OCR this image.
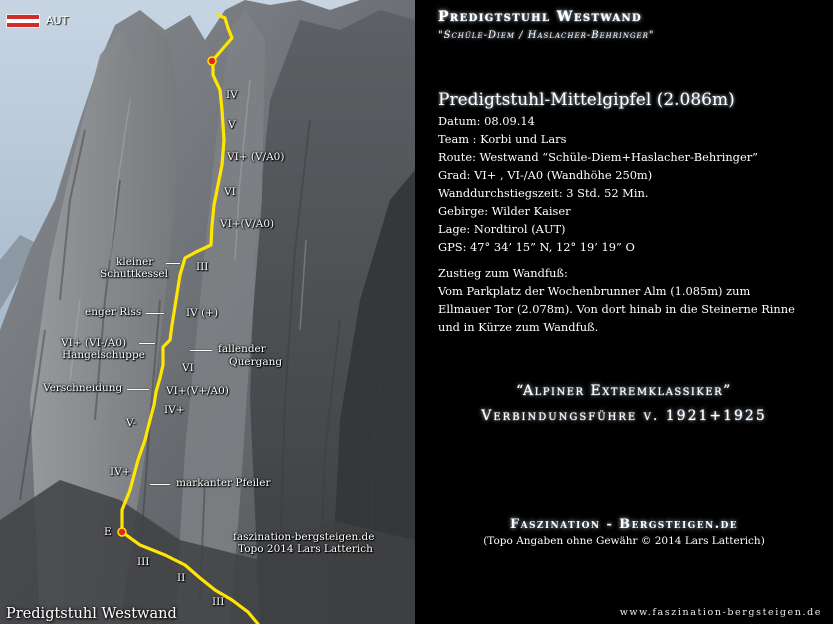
AUT
IV
V
VI+ (V/A0)
VI
VI+(V/A0)
III
IV (+)
VI
VI+(V+/A0)
IV+
V-
IV+
III
II
III
kleiner
Schuttkessel
enger Riss
fallender
Quergang
VI+ (VI-/A0)
Hangelschuppe
Verschneidung
markanter Pfeiler
E	faszination-bergsteigen.de
Topo 2014 Lars Latterich
Predigtstuhl Westwand
Predigtstuhl Westwand
"Schüle-Diem / Haslacher-Behringer"
Predigtstuhl-Mittelgipfel (2.086m)
Datum: 08.09.14
Team : Korbi und Lars
Route: Westwand “Schüle-Diem+Haslacher-Behringer”
Grad: VI+ , VI-/A0 (Wandhöhe 250m)
Wanddurchstiegszeit: 3 Std. 52 Min.
Gebirge: Wilder Kaiser
Lage: Nordtirol (AUT)
GPS: 47° 34’ 15” N, 12° 19’ 19” O
Zustieg zum Wandfuß:
Vom Parkplatz der Wochenbrunner Alm (1.085m) zum Ellmauer Tor (2.078m). Von dort hinab in die Steinerne Rinne und in Kürze zum Wandfuß.
“Alpiner Extremklassiker”
Verbindungsführe v. 1921+1925
Faszination - Bergsteigen.de
(Topo Angaben ohne Gewähr © 2014 Lars Latterich)
www.faszination-bergsteigen.de
